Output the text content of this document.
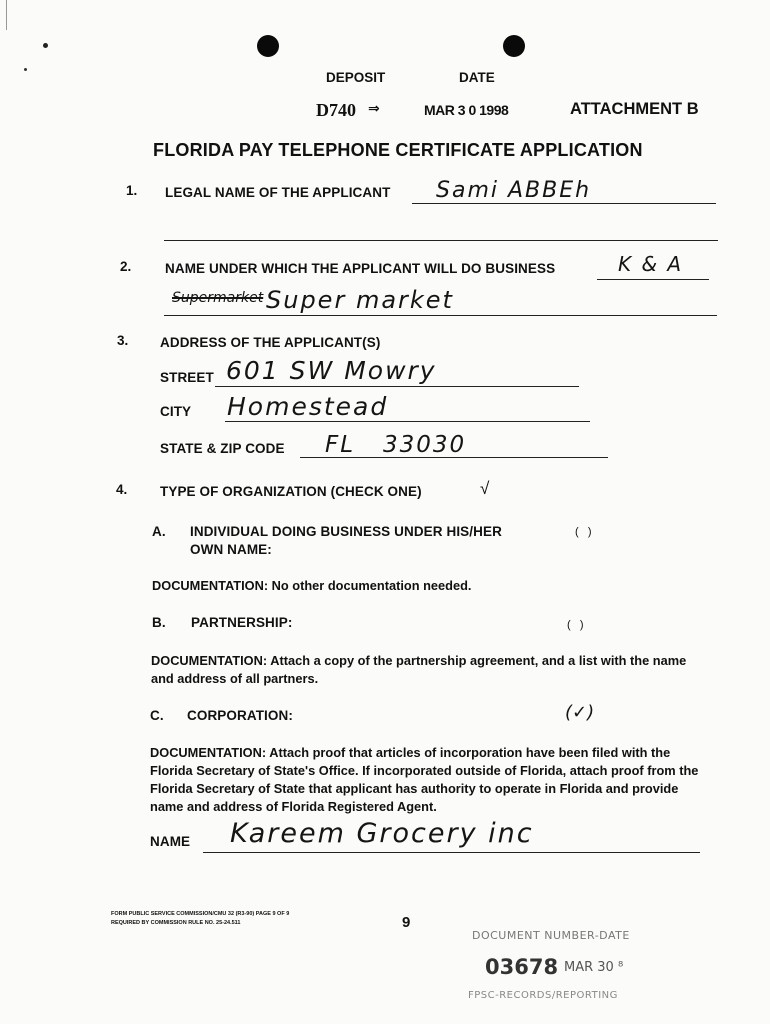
DEPOSIT	DATE
D740 ⇒	MAR 3 0 1998	ATTACHMENT B
FLORIDA PAY TELEPHONE CERTIFICATE APPLICATION
1. LEGAL NAME OF THE APPLICANT Sami ABBEh
2. NAME UNDER WHICH THE APPLICANT WILL DO BUSINESS	K & A
Supermarket Super market
3. ADDRESS OF THE APPLICANT(S)
STREET 601 SW Mowry
CITY Homestead
STATE & ZIP CODE FL   33030
4. TYPE OF ORGANIZATION (CHECK ONE)	√
A. INDIVIDUAL DOING BUSINESS UNDER HIS/HER
OWN NAME:
(   )
DOCUMENTATION: No other documentation needed.
B. PARTNERSHIP:	(   )
DOCUMENTATION: Attach a copy of the partnership agreement, and a list with the name and address of all partners.
C. CORPORATION:	(✓)
DOCUMENTATION: Attach proof that articles of incorporation have been filed with the Florida Secretary of State's Office. If incorporated outside of Florida, attach proof from the Florida Secretary of State that applicant has authority to operate in Florida and provide name and address of Florida Registered Agent.
NAME Kareem Grocery inc
FORM PUBLIC SERVICE COMMISSION/CMU 32 (R3-90) PAGE 9 OF 9
REQUIRED BY COMMISSION RULE NO. 25-24.511	9
DOCUMENT NUMBER-DATE
03678 MAR 30 ⁸
FPSC-RECORDS/REPORTING
